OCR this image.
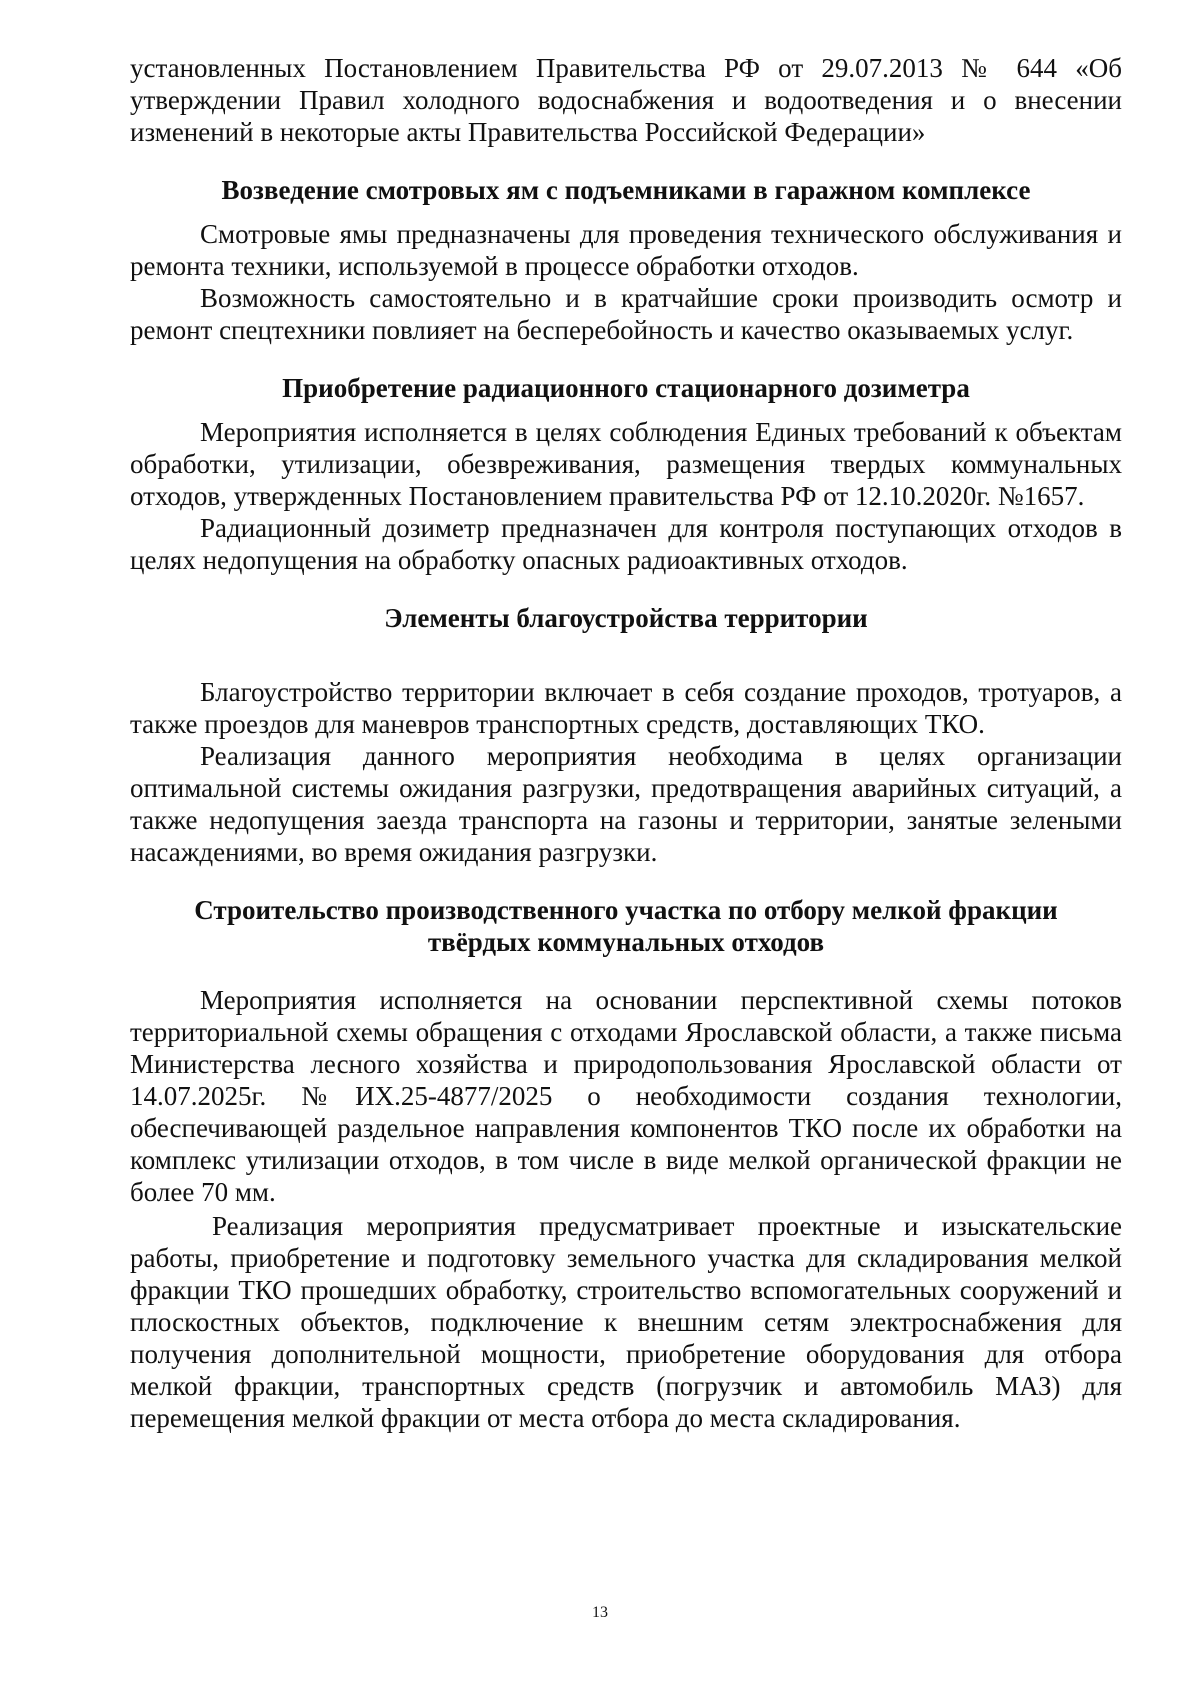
установленных Постановлением Правительства РФ от 29.07.2013 № 644 «Об утверждении Правил холодного водоснабжения и водоотведения и о внесении изменений в некоторые акты Правительства Российской Федерации»

Возведение смотровых ям с подъемниками в гаражном комплексе

Смотровые ямы предназначены для проведения технического обслуживания и ремонта техники, используемой в процессе обработки отходов.

Возможность самостоятельно и в кратчайшие сроки производить осмотр и ремонт спецтехники повлияет на бесперебойность и качество оказываемых услуг.

Приобретение радиационного стационарного дозиметра

Мероприятия исполняется в целях соблюдения Единых требований к объектам обработки, утилизации, обезвреживания, размещения твердых коммунальных отходов, утвержденных Постановлением правительства РФ от 12.10.2020г. №1657.

Радиационный дозиметр предназначен для контроля поступающих отходов в целях недопущения на обработку опасных радиоактивных отходов.

Элементы благоустройства территории

Благоустройство территории включает в себя создание проходов, тротуаров, а также проездов для маневров транспортных средств, доставляющих ТКО.

Реализация данного мероприятия необходима в целях организации оптимальной системы ожидания разгрузки, предотвращения аварийных ситуаций, а также недопущения заезда транспорта на газоны и территории, занятые зелеными насаждениями, во время ожидания разгрузки.

Строительство производственного участка по отбору мелкой фракции
твёрдых коммунальных отходов

Мероприятия исполняется на основании перспективной схемы потоков территориальной схемы обращения с отходами Ярославской области, а также письма Министерства лесного хозяйства и природопользования Ярославской области от 14.07.2025г. №ИХ.25-4877/2025 о необходимости создания технологии, обеспечивающей раздельное направления компонентов ТКО после их обработки на комплекс утилизации отходов, в том числе в виде мелкой органической фракции не более 70 мм.

Реализация мероприятия предусматривает проектные и изыскательские работы, приобретение и подготовку земельного участка для складирования мелкой фракции ТКО прошедших обработку, строительство вспомогательных сооружений и плоскостных объектов, подключение к внешним сетям электроснабжения для получения дополнительной мощности, приобретение оборудования для отбора мелкой фракции, транспортных средств (погрузчик и автомобиль МАЗ) для перемещения мелкой фракции от места отбора до места складирования.

13
